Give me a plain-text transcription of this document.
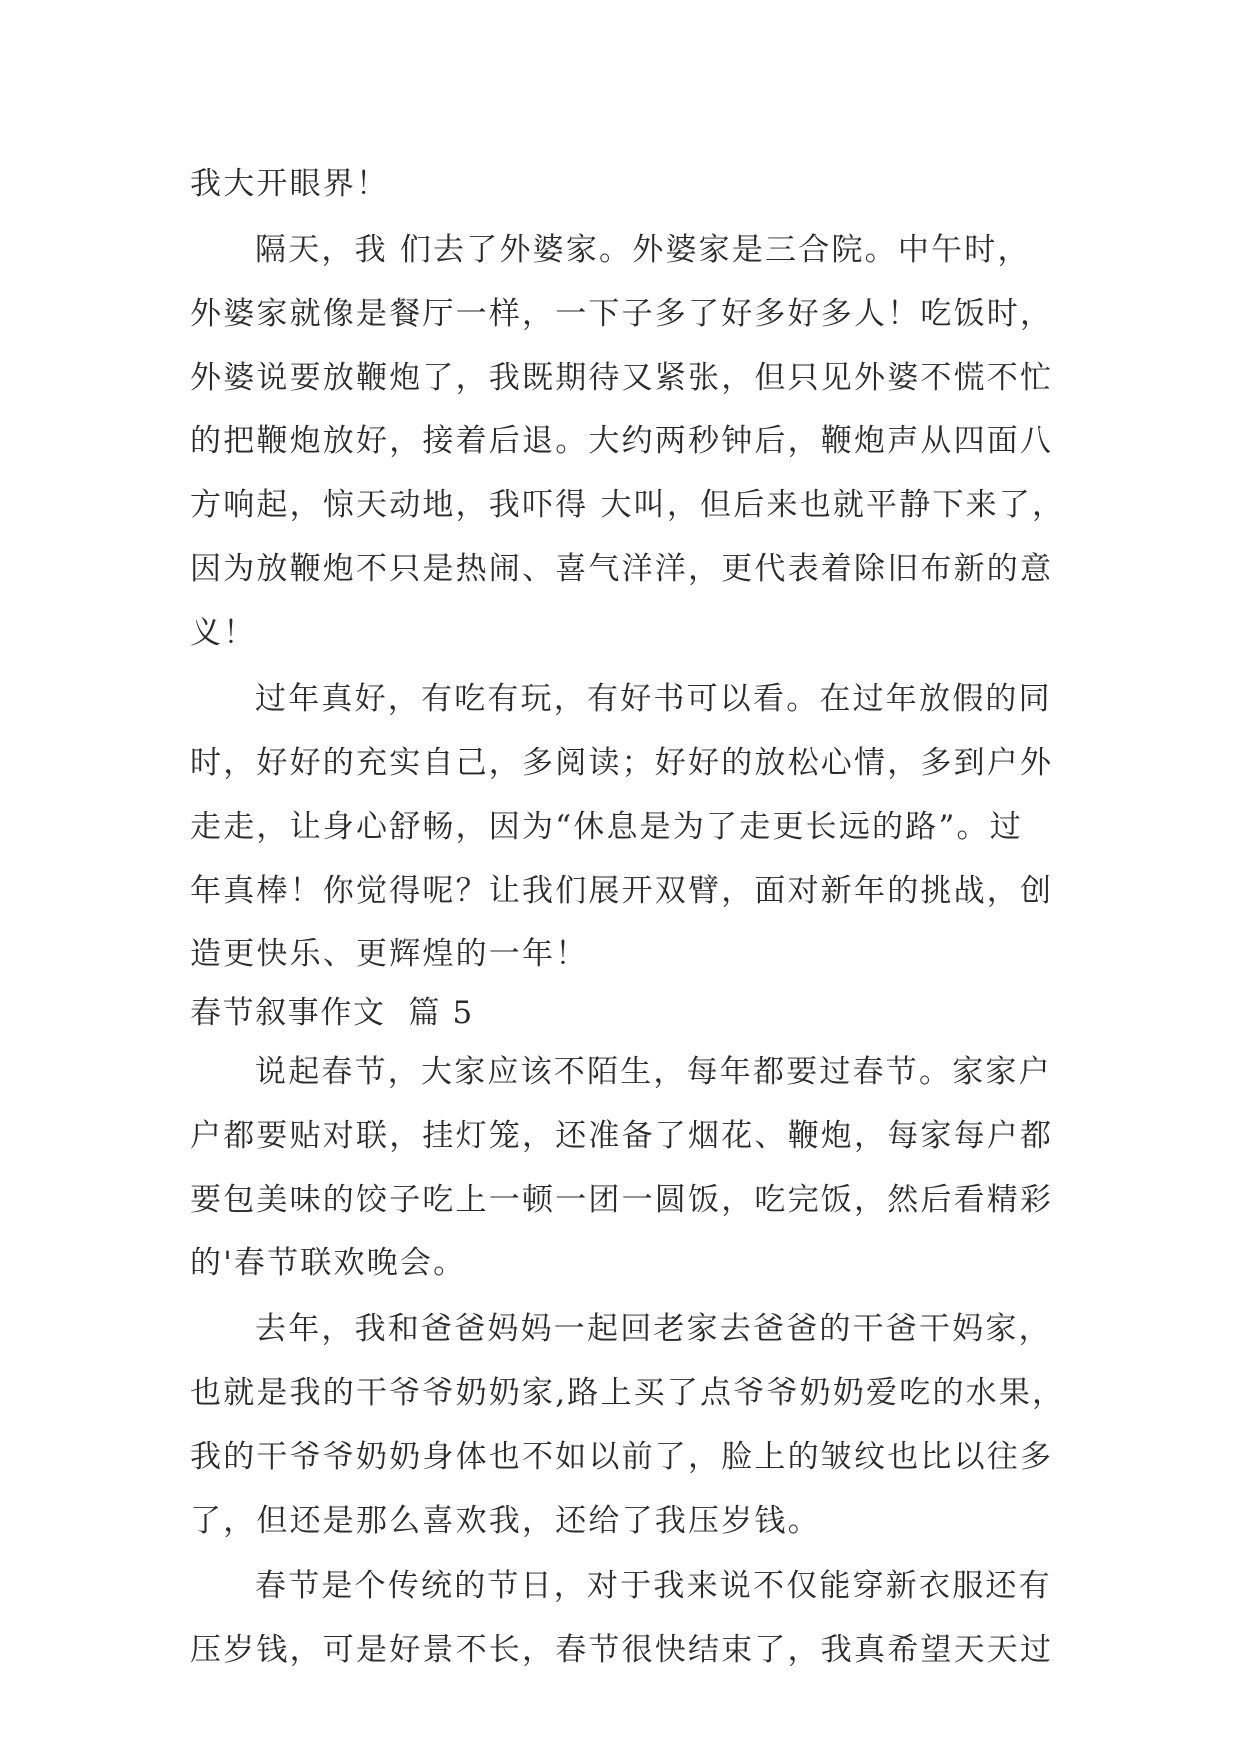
我大开眼界！
隔天，我 们去了外婆家。外婆家是三合院。中午时，
外婆家就像是餐厅一样，一下子多了好多好多人！吃饭时，
外婆说要放鞭炮了，我既期待又紧张，但只见外婆不慌不忙
的把鞭炮放好，接着后退。大约两秒钟后，鞭炮声从四面八
方响起，惊天动地，我吓得 大叫，但后来也就平静下来了，
因为放鞭炮不只是热闹、喜气洋洋，更代表着除旧布新的意
义！
过年真好，有吃有玩，有好书可以看。在过年放假的同
时，好好的充实自己，多阅读；好好的放松心情，多到户外
走走，让身心舒畅，因为“休息是为了走更长远的路”。过
年真棒！你觉得呢？让我们展开双臂，面对新年的挑战，创
造更快乐、更辉煌的一年！
春节叙事作文  篇 5
说起春节，大家应该不陌生，每年都要过春节。家家户
户都要贴对联，挂灯笼，还准备了烟花、鞭炮，每家每户都
要包美味的饺子吃上一顿一团一圆饭，吃完饭，然后看精彩
的'春节联欢晚会。
去年，我和爸爸妈妈一起回老家去爸爸的干爸干妈家，
也就是我的干爷爷奶奶家,路上买了点爷爷奶奶爱吃的水果，
我的干爷爷奶奶身体也不如以前了，脸上的皱纹也比以往多
了，但还是那么喜欢我，还给了我压岁钱。
春节是个传统的节日，对于我来说不仅能穿新衣服还有
压岁钱，可是好景不长，春节很快结束了，我真希望天天过
